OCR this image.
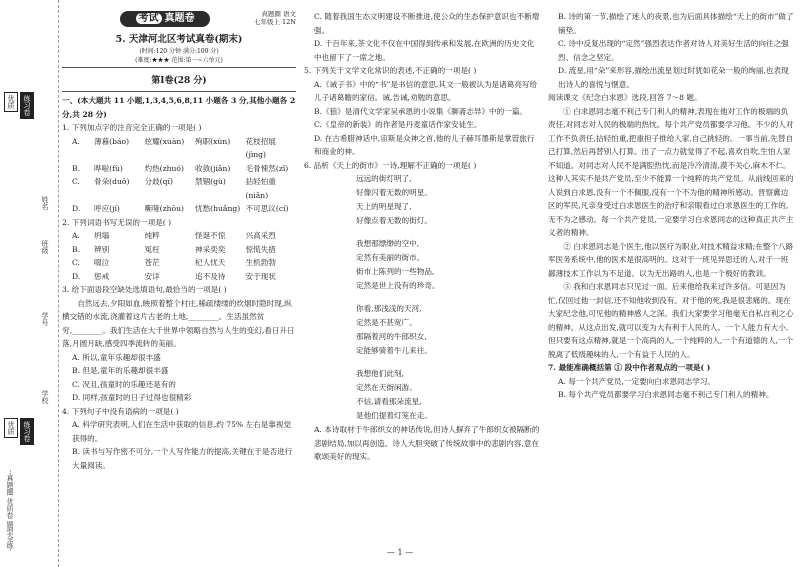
优质	练习卷
姓名
班级
学号
学校
优质	练习卷
··真题圈 优质卷 题型全练·
考试 真题卷	真题圈 语文
七年级上 12N
5. 天津河北区考试真卷(期末)
(时间:120 分钟 满分:100 分)
(难度:★★★ 范围:第一~六单元)
第Ⅰ卷(28 分)
一、(本大题共 11 小题,1,3,4,5,6,8,11 小题各 3 分,其他小题各 2 分,共 28 分)
1. 下列加点字的注音完全正确的一项是( )
A.	薄暮(báo)	炫耀(xuàn)	殉职(xùn)	花枝招展(jìng)
B.	哗啦(fù)	灼热(zhuó)	收敛(jiǎn)	毛骨悚然(zǐ)
C.	骨朵(duǒ)	分歧(qí)	禁锢(gù)	拈轻怕重(niǎn)
D.	呼应(jí)	嘶哑(zhōu)	忧愁(huǎng) 不可思议(cí)
2. 下列词语书写无误的一项是( )
A.	坍塌	纯粹	怪诞不惊	兴高采烈
B.	辨别	冤枉	神采奕奕	惊慌失措
C.	啜泣	苍茫	杞人忧天	生机勃勃
D.	惩戒	安详	追不及待	安于现状
3. 给下面语段空缺处选填语句,最恰当的一项是( )

自然远去,夕阳如血,映照着整个村庄,稀疏缕缕的炊烟时隐时现,纵横交错的水流,浇灌着这片古老的土地,________。生活虽然贫穷,________。我们生活在大千世界中领略自然与人生的变幻,看日升日落,月圆月缺,感受四季流转的美丽。

A. 所以,童年乐趣却很丰盛
B. 但是,童年的乐趣却很丰盛
C. 况且,孩童时的乐趣还是有的
D. 同样,孩童时的日子过得也很精彩
4. 下列句子中没有语病的一项是( )
A. 科学研究表明,人们在生活中获取的信息,约 75% 左右是靠视觉获得的。
B. 读书与写作密不可分,一个人写作能力的提高,关键在于是否进行大量阅读。
C. 随着我国生态文明建设不断推进,使公众的生态保护意识也不断增强。
D. 千百年来,茶文化不仅在中国得到传承和发展,在欧洲的历史文化中也留下了一席之地。
5. 下列关于文学文化常识的表述,不正确的一项是( )
A.《诫子书》中的“书”是书信的意思,其文一般被认为是诸葛亮写给儿子诸葛瞻的家信。诫,告诫,劝勉的意思。
B.《狼》是清代文学家吴承恩的小说集《聊斋志异》中的一篇。
C.《皇帝的新装》的作者是丹麦童话作家安徒生。
D. 在古希腊神话中,宙斯是众神之首,他的儿子赫耳墨斯是掌管旅行和商业的神。
6. 品析《天上的街市》一诗,理解不正确的一项是( )
远远的街灯明了,
好像闪着无数的明星。
天上的明星现了,
好像点着无数的街灯。
我想那缥缈的空中,
定然有美丽的街市。
街市上陈列的一些物品,
定然是世上没有的珍奇。
你看,那浅浅的天河,
定然是不甚宽广。
那隔着河的牛郎织女,
定能够骑着牛儿来往。
我想他们此刻,
定然在天街闲游。
不信,请看那朵流星,
是他们提着灯笼在走。
A. 本诗取材于牛郎织女的神话传说,但诗人摒弃了牛郎织女被隔断的悲剧结局,加以再创造。诗人大胆突破了传统故事中的悲剧内容,意在歌颂美好的现实。
B. 诗的第一节,描绘了迷人的夜景,也为后面具体描绘“天上的街市”做了铺垫。
C. 诗中反复出现的“定然”强烈表达作者对诗人对美好生活的向往之强烈、信念之坚定。
D. 流星,用“朵”来形容,描绘出流星划过时犹如花朵一般的绚丽,也表现出诗人的喜悦与惬意。
阅读课文《纪念白求恩》选段,回答 7～8 题。

① 白求恩同志毫不利己专门利人的精神,表现在他对工作的极端的负责任,对同志对人民的极端的热忱。每个共产党员都要学习他。不少的人对工作不负责任,拈轻怕重,把重担子推给人家,自己挑轻的。一事当前,先替自己打算,然后再替别人打算。出了一点力就觉得了不起,喜欢自吹,生怕人家不知道。对同志对人民不是满腔热忱,而是冷冷清清,漠不关心,麻木不仁。这种人其实不是共产党员,至少不能算一个纯粹的共产党员。从前线回来的人说到白求恩,没有一个不佩服,没有一个不为他的精神所感动。晋察冀边区的军民,凡亲身受过白求恩医生的治疗和亲眼看过白求恩医生的工作的,无不为之感动。每一个共产党员,一定要学习白求恩同志的这种真正共产主义者的精神。

② 白求恩同志是个医生,他以医疗为职业,对技术精益求精;在整个八路军医务系统中,他的医术是很高明的。这对于一班见异思迁的人,对于一班鄙薄技术工作以为不足道、以为无出路的人,也是一个极好的教训。

③ 我和白求恩同志只见过一面。后来他给我来过许多信。可是因为忙,仅回过他一封信,还不知他收到没有。对于他的死,我是很悲痛的。现在大家纪念他,可见他的精神感人之深。我们大家要学习他毫无自私自利之心的精神。从这点出发,就可以变为大有利于人民的人。一个人能力有大小,但只要有这点精神,就是一个高尚的人,一个纯粹的人,一个有道德的人,一个脱离了低级趣味的人,一个有益于人民的人。

7. 最能准确概括第 ① 段中作者观点的一项是( )
A. 每一个共产党员,一定要向白求恩同志学习。
B. 每个共产党员都要学习白求恩同志毫不利己专门利人的精神。
— 1 —
